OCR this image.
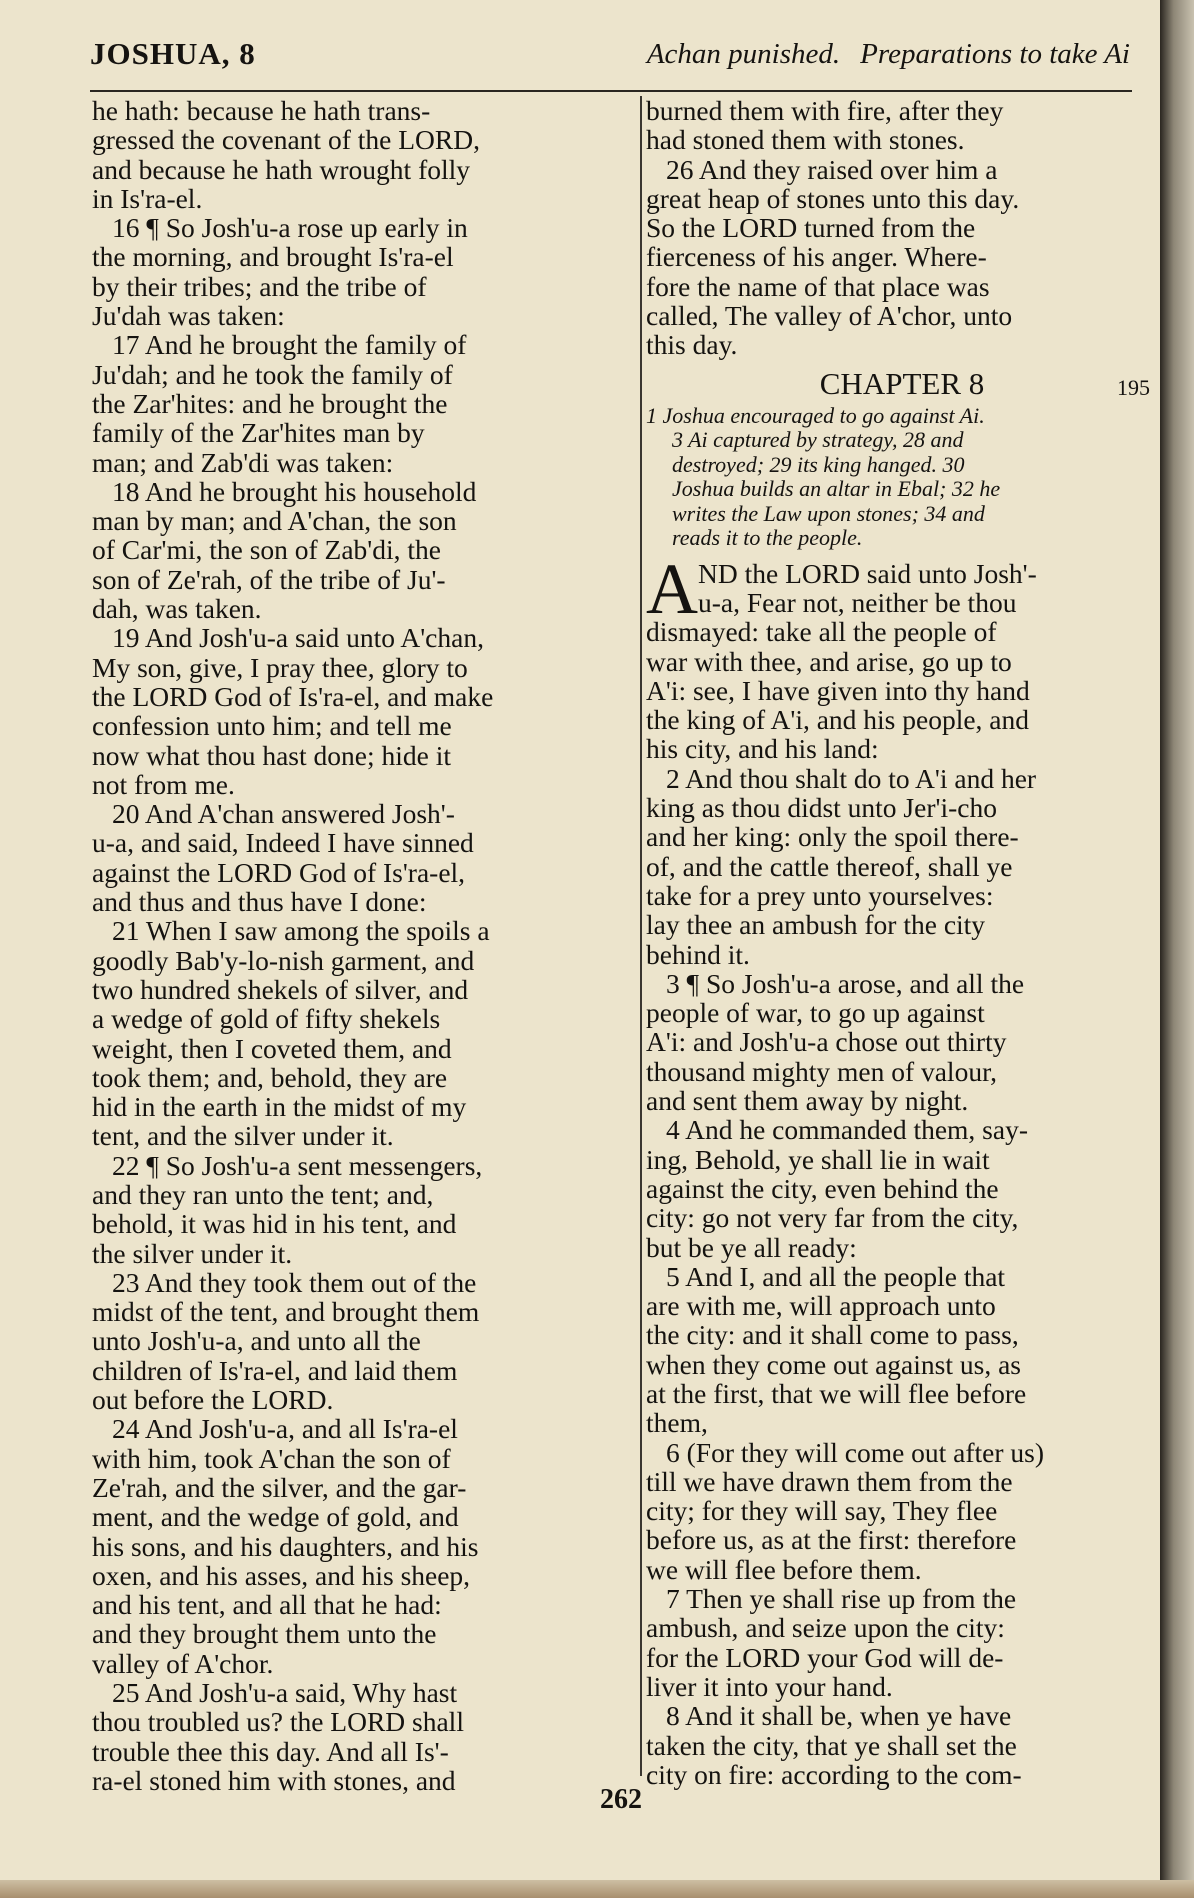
JOSHUA, 8	Achan punished. Preparations to take Ai
he hath: because he hath trans-
gressed the covenant of the LORD,
and because he hath wrought folly
in Is'ra-el.
16 ¶ So Josh'u-a rose up early in
the morning, and brought Is'ra-el
by their tribes; and the tribe of
Ju'dah was taken:
17 And he brought the family of
Ju'dah; and he took the family of
the Zar'hites: and he brought the
family of the Zar'hites man by
man; and Zab'di was taken:
18 And he brought his household
man by man; and A'chan, the son
of Car'mi, the son of Zab'di, the
son of Ze'rah, of the tribe of Ju'-
dah, was taken.
19 And Josh'u-a said unto A'chan,
My son, give, I pray thee, glory to
the LORD God of Is'ra-el, and make
confession unto him; and tell me
now what thou hast done; hide it
not from me.
20 And A'chan answered Josh'-
u-a, and said, Indeed I have sinned
against the LORD God of Is'ra-el,
and thus and thus have I done:
21 When I saw among the spoils a
goodly Bab'y-lo-nish garment, and
two hundred shekels of silver, and
a wedge of gold of fifty shekels
weight, then I coveted them, and
took them; and, behold, they are
hid in the earth in the midst of my
tent, and the silver under it.
22 ¶ So Josh'u-a sent messengers,
and they ran unto the tent; and,
behold, it was hid in his tent, and
the silver under it.
23 And they took them out of the
midst of the tent, and brought them
unto Josh'u-a, and unto all the
children of Is'ra-el, and laid them
out before the LORD.
24 And Josh'u-a, and all Is'ra-el
with him, took A'chan the son of
Ze'rah, and the silver, and the gar-
ment, and the wedge of gold, and
his sons, and his daughters, and his
oxen, and his asses, and his sheep,
and his tent, and all that he had:
and they brought them unto the
valley of A'chor.
25 And Josh'u-a said, Why hast
thou troubled us? the LORD shall
trouble thee this day. And all Is'-
ra-el stoned him with stones, and
burned them with fire, after they
had stoned them with stones.
26 And they raised over him a
great heap of stones unto this day.
So the LORD turned from the
fierceness of his anger. Where-
fore the name of that place was
called, The valley of A'chor, unto
this day.
CHAPTER 8	195
1 Joshua encouraged to go against Ai.
3 Ai captured by strategy, 28 and
destroyed; 29 its king hanged. 30
Joshua builds an altar in Ebal; 32 he
writes the Law upon stones; 34 and
reads it to the people.
A ND the LORD said unto Josh'-
u-a, Fear not, neither be thou
dismayed: take all the people of
war with thee, and arise, go up to
A'i: see, I have given into thy hand
the king of A'i, and his people, and
his city, and his land:
2 And thou shalt do to A'i and her
king as thou didst unto Jer'i-cho
and her king: only the spoil there-
of, and the cattle thereof, shall ye
take for a prey unto yourselves:
lay thee an ambush for the city
behind it.
3 ¶ So Josh'u-a arose, and all the
people of war, to go up against
A'i: and Josh'u-a chose out thirty
thousand mighty men of valour,
and sent them away by night.
4 And he commanded them, say-
ing, Behold, ye shall lie in wait
against the city, even behind the
city: go not very far from the city,
but be ye all ready:
5 And I, and all the people that
are with me, will approach unto
the city: and it shall come to pass,
when they come out against us, as
at the first, that we will flee before
them,
6 (For they will come out after us)
till we have drawn them from the
city; for they will say, They flee
before us, as at the first: therefore
we will flee before them.
7 Then ye shall rise up from the
ambush, and seize upon the city:
for the LORD your God will de-
liver it into your hand.
8 And it shall be, when ye have
taken the city, that ye shall set the
city on fire: according to the com-
262
